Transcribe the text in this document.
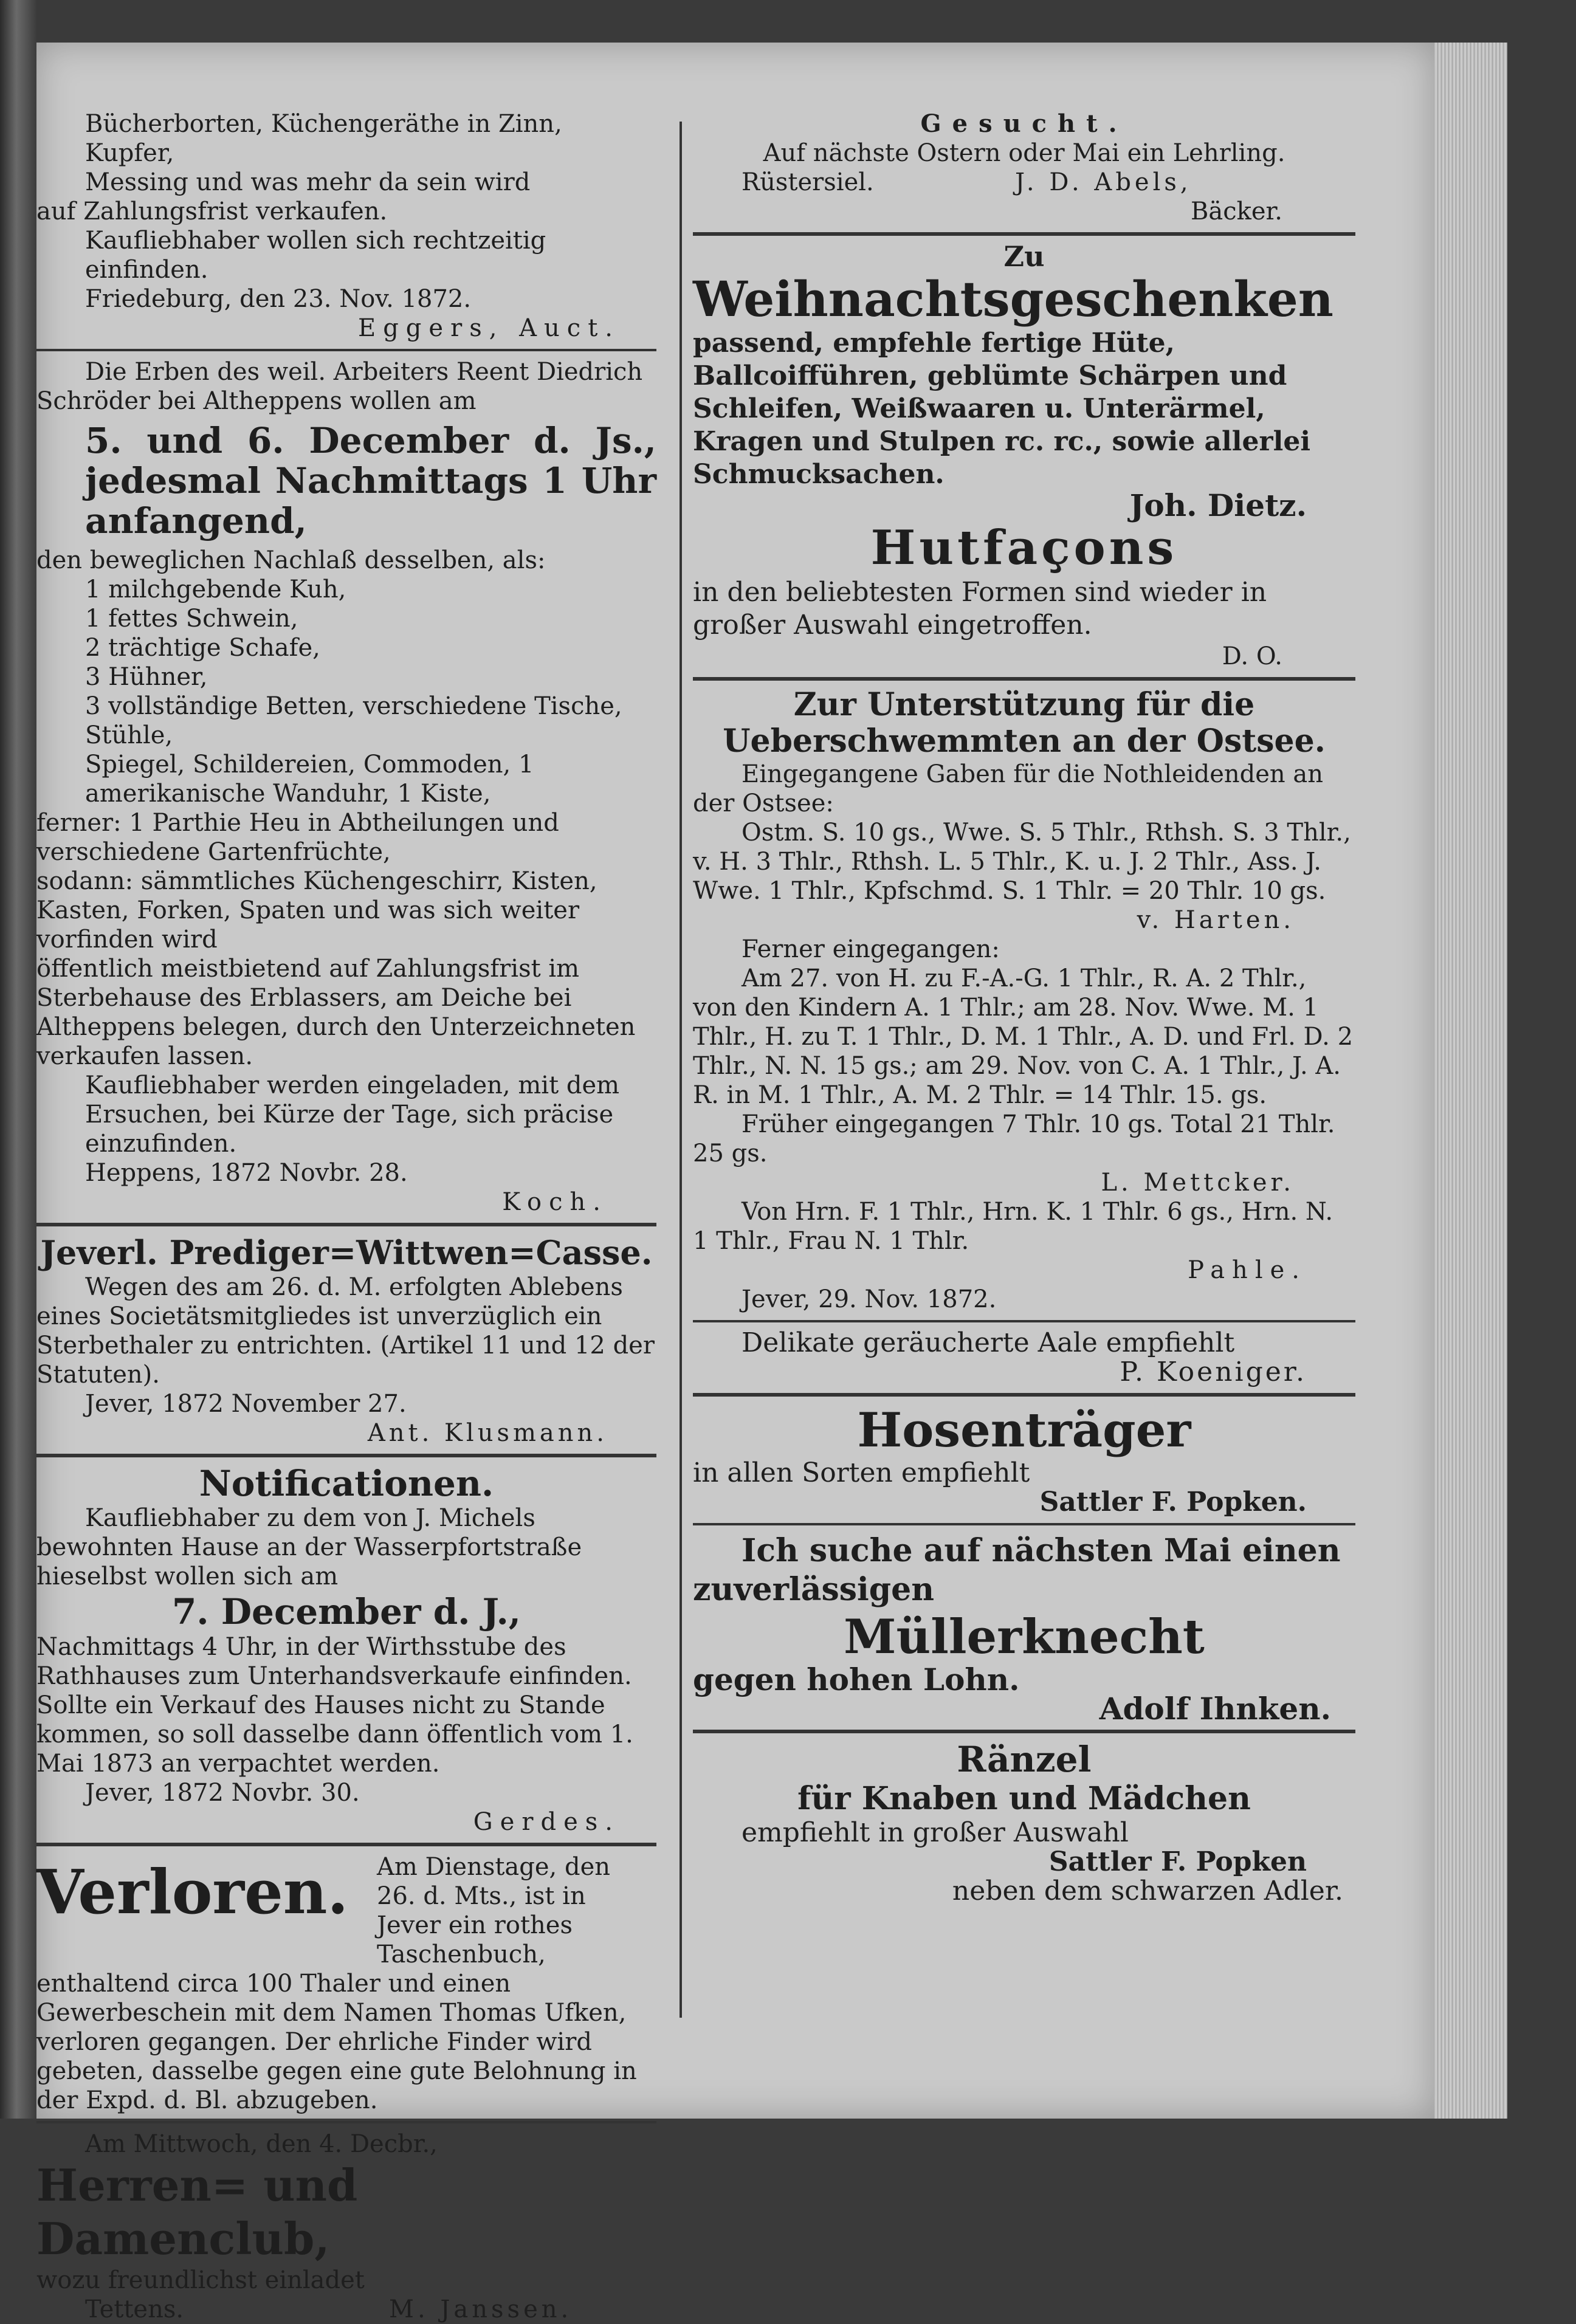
Bücherborten, Küchengeräthe in Zinn, Kupfer,

Messing und was mehr da sein wird

auf Zahlungsfrist verkaufen.

Kaufliebhaber wollen sich rechtzeitig einfinden.

Friedeburg, den 23. Nov. 1872.

Eggers, Auct.

Die Erben des weil. Arbeiters Reent Diedrich

Schröder bei Altheppens wollen am

5. und 6. December d. Js., jedesmal Nachmittags 1 Uhr anfangend,

den beweglichen Nachlaß desselben, als:

1 milchgebende Kuh,

1 fettes Schwein,

2 trächtige Schafe,

3 Hühner,

3 vollständige Betten, verschiedene Tische, Stühle,

Spiegel, Schildereien, Commoden, 1 amerikanische Wanduhr, 1 Kiste,

ferner: 1 Parthie Heu in Abtheilungen und verschiedene Gartenfrüchte,

sodann: sämmtliches Küchengeschirr, Kisten, Kasten, Forken, Spaten und was sich weiter vorfinden wird

öffentlich meistbietend auf Zahlungsfrist im Sterbehause des Erblassers, am Deiche bei Altheppens belegen, durch den Unterzeichneten verkaufen lassen.

Kaufliebhaber werden eingeladen, mit dem Ersuchen, bei Kürze der Tage, sich präcise einzufinden.

Heppens, 1872 Novbr. 28.

Koch.

Jeverl. Prediger=Wittwen=Casse.

Wegen des am 26. d. M. erfolgten Ablebens eines Societätsmitgliedes ist unverzüglich ein Sterbethaler zu entrichten. (Artikel 11 und 12 der Statuten).

Jever, 1872 November 27.

Ant. Klusmann.

Notificationen.

Kaufliebhaber zu dem von J. Michels bewohnten Hause an der Wasserpfortstraße hieselbst wollen sich am

7. December d. J.,

Nachmittags 4 Uhr, in der Wirthsstube des Rathhauses zum Unterhandsverkaufe einfinden. Sollte ein Verkauf des Hauses nicht zu Stande kommen, so soll dasselbe dann öffentlich vom 1. Mai 1873 an verpachtet werden.

Jever, 1872 Novbr. 30.

Gerdes.

Verloren.	Am Dienstage, den 26. d. Mts., ist in Jever ein rothes Taschenbuch,

enthaltend circa 100 Thaler und einen Gewerbeschein mit dem Namen Thomas Ufken, verloren gegangen. Der ehrliche Finder wird gebeten, dasselbe gegen eine gute Belohnung in der Expd. d. Bl. abzugeben.

Am Mittwoch, den 4. Decbr.,

Herren= und Damenclub,

wozu freundlichst einladet

Tettens.	M. Janssen.

Gesucht.

Auf nächste Ostern oder Mai ein Lehrling.

Rüstersiel.	J. D. Abels,

Bäcker.

Zu

Weihnachtsgeschenken

passend, empfehle fertige Hüte, Ballcoifführen, geblümte Schärpen und Schleifen, Weißwaaren u. Unterärmel, Kragen und Stulpen rc. rc., sowie allerlei Schmucksachen.

Joh. Dietz.

Hutfaçons

in den beliebtesten Formen sind wieder in großer Auswahl eingetroffen.

D. O.

Zur Unterstützung für die Ueberschwemmten an der Ostsee.

Eingegangene Gaben für die Nothleidenden an der Ostsee:

Ostm. S. 10 gs., Wwe. S. 5 Thlr., Rthsh. S. 3 Thlr., v. H. 3 Thlr., Rthsh. L. 5 Thlr., K. u. J. 2 Thlr., Ass. J. Wwe. 1 Thlr., Kpfschmd. S. 1 Thlr. = 20 Thlr. 10 gs.

v. Harten.

Ferner eingegangen:

Am 27. von H. zu F.-A.-G. 1 Thlr., R. A. 2 Thlr., von den Kindern A. 1 Thlr.; am 28. Nov. Wwe. M. 1 Thlr., H. zu T. 1 Thlr., D. M. 1 Thlr., A. D. und Frl. D. 2 Thlr., N. N. 15 gs.; am 29. Nov. von C. A. 1 Thlr., J. A. R. in M. 1 Thlr., A. M. 2 Thlr. = 14 Thlr. 15. gs.

Früher eingegangen 7 Thlr. 10 gs. Total 21 Thlr. 25 gs.

L. Mettcker.

Von Hrn. F. 1 Thlr., Hrn. K. 1 Thlr. 6 gs., Hrn. N. 1 Thlr., Frau N. 1 Thlr.

Pahle.

Jever, 29. Nov. 1872.

Delikate geräucherte Aale empfiehlt

P. Koeniger.

Hosenträger

in allen Sorten empfiehlt

Sattler F. Popken.

Ich suche auf nächsten Mai einen zuverlässigen

Müllerknecht

gegen hohen Lohn.

Adolf Ihnken.

Ränzel

für Knaben und Mädchen

empfiehlt in großer Auswahl

Sattler F. Popken

neben dem schwarzen Adler.
